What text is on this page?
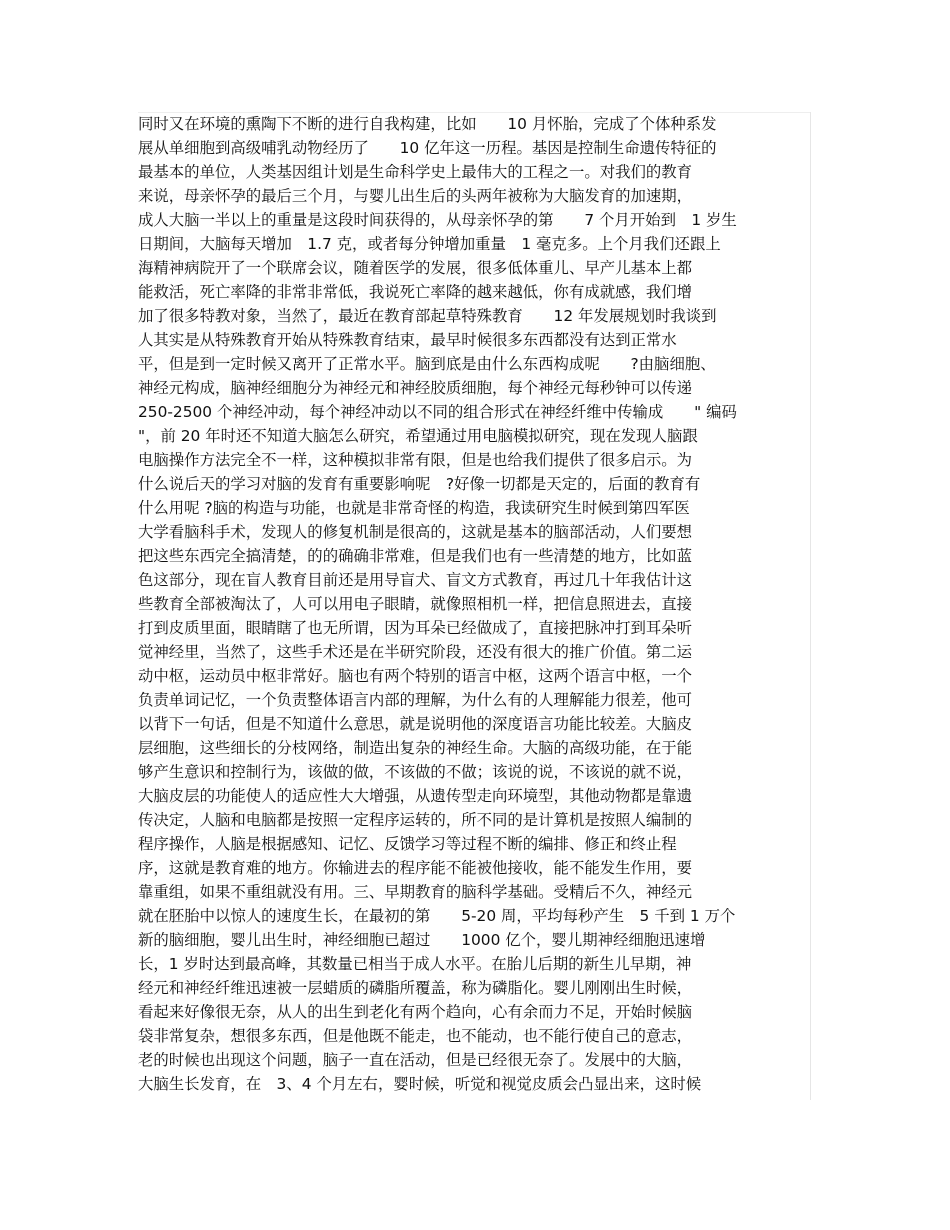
同时又在环境的熏陶下不断的进行自我构建，比如　　10 月怀胎，完成了个体种系发
展从单细胞到高级哺乳动物经历了　　10 亿年这一历程。基因是控制生命遗传特征的
最基本的单位，人类基因组计划是生命科学史上最伟大的工程之一。对我们的教育
来说，母亲怀孕的最后三个月，与婴儿出生后的头两年被称为大脑发育的加速期，
成人大脑一半以上的重量是这段时间获得的，从母亲怀孕的第　　7 个月开始到　1 岁生
日期间，大脑每天增加　1.7 克，或者每分钟增加重量　1 毫克多。上个月我们还跟上
海精神病院开了一个联席会议，随着医学的发展，很多低体重儿、早产儿基本上都
能救活，死亡率降的非常非常低，我说死亡率降的越来越低，你有成就感，我们增
加了很多特教对象，当然了，最近在教育部起草特殊教育　　12 年发展规划时我谈到
人其实是从特殊教育开始从特殊教育结束，最早时候很多东西都没有达到正常水
平，但是到一定时候又离开了正常水平。脑到底是由什么东西构成呢　　?由脑细胞、
神经元构成，脑神经细胞分为神经元和神经胶质细胞，每个神经元每秒钟可以传递
250-2500 个神经冲动，每个神经冲动以不同的组合形式在神经纤维中传输成　　" 编码
"，前 20 年时还不知道大脑怎么研究，希望通过用电脑模拟研究，现在发现人脑跟
电脑操作方法完全不一样，这种模拟非常有限，但是也给我们提供了很多启示。为
什么说后天的学习对脑的发育有重要影响呢　?好像一切都是天定的，后面的教育有
什么用呢 ?脑的构造与功能，也就是非常奇怪的构造，我读研究生时候到第四军医
大学看脑科手术，发现人的修复机制是很高的，这就是基本的脑部活动，人们要想
把这些东西完全搞清楚，的的确确非常难，但是我们也有一些清楚的地方，比如蓝
色这部分，现在盲人教育目前还是用导盲犬、盲文方式教育，再过几十年我估计这
些教育全部被淘汰了，人可以用电子眼睛，就像照相机一样，把信息照进去，直接
打到皮质里面，眼睛瞎了也无所谓，因为耳朵已经做成了，直接把脉冲打到耳朵听
觉神经里，当然了，这些手术还是在半研究阶段，还没有很大的推广价值。第二运
动中枢，运动员中枢非常好。脑也有两个特别的语言中枢，这两个语言中枢，一个
负责单词记忆，一个负责整体语言内部的理解，为什么有的人理解能力很差，他可
以背下一句话，但是不知道什么意思，就是说明他的深度语言功能比较差。大脑皮
层细胞，这些细长的分枝网络，制造出复杂的神经生命。大脑的高级功能，在于能
够产生意识和控制行为，该做的做，不该做的不做；该说的说，不该说的就不说，
大脑皮层的功能使人的适应性大大增强，从遗传型走向环境型，其他动物都是靠遗
传决定，人脑和电脑都是按照一定程序运转的，所不同的是计算机是按照人编制的
程序操作，人脑是根据感知、记忆、反馈学习等过程不断的编排、修正和终止程
序，这就是教育难的地方。你输进去的程序能不能被他接收，能不能发生作用，要
靠重组，如果不重组就没有用。三、早期教育的脑科学基础。受精后不久，神经元
就在胚胎中以惊人的速度生长，在最初的第　　5-20 周，平均每秒产生　5 千到 1 万个
新的脑细胞，婴儿出生时，神经细胞已超过　　1000 亿个，婴儿期神经细胞迅速增
长，1 岁时达到最高峰，其数量已相当于成人水平。在胎儿后期的新生儿早期，神
经元和神经纤维迅速被一层蜡质的磷脂所覆盖，称为磷脂化。婴儿刚刚出生时候，
看起来好像很无奈，从人的出生到老化有两个趋向，心有余而力不足，开始时候脑
袋非常复杂，想很多东西，但是他既不能走，也不能动，也不能行使自己的意志，
老的时候也出现这个问题，脑子一直在活动，但是已经很无奈了。发展中的大脑，
大脑生长发育，在　3、4 个月左右，婴时候，听觉和视觉皮质会凸显出来，这时候
